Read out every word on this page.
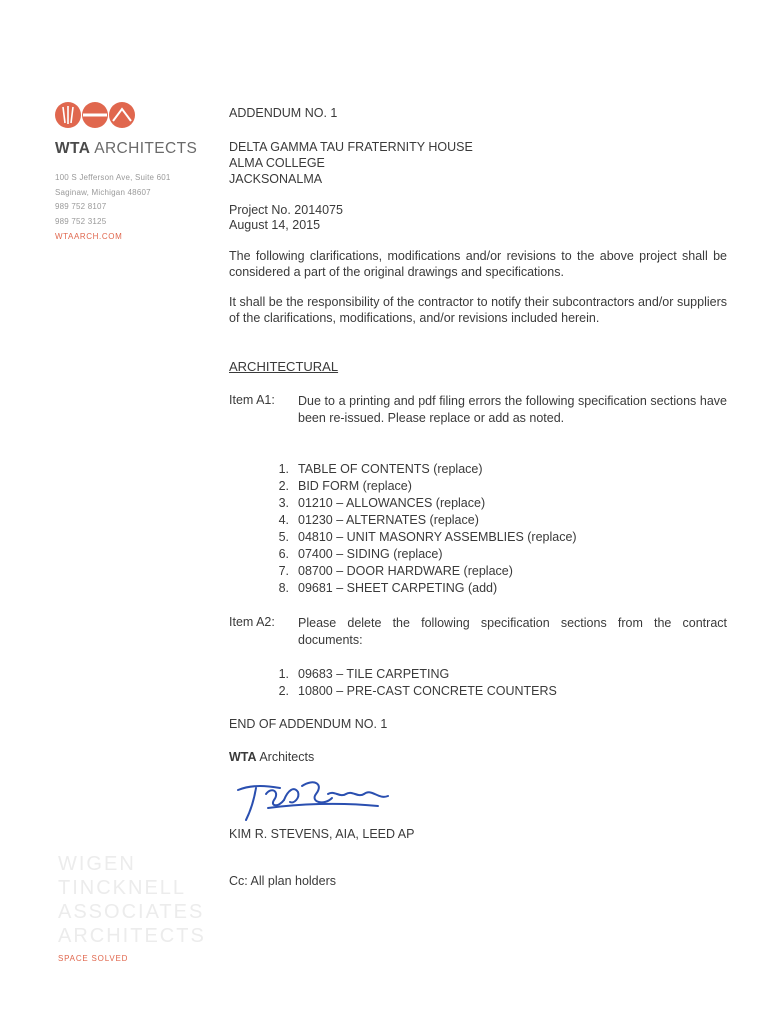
WTA ARCHITECTS
100 S Jefferson Ave, Suite 601
Saginaw, Michigan 48607
989 752 8107
989 752 3125
WTAARCH.COM
WIGEN
TINCKNELL
ASSOCIATES
ARCHITECTS
SPACE SOLVED
ADDENDUM NO. 1
DELTA GAMMA TAU FRATERNITY HOUSE
ALMA COLLEGE
JACKSONALMA
Project No. 2014075
August 14, 2015
The following clarifications, modifications and/or revisions to the above project shall be considered a part of the original drawings and specifications.
It shall be the responsibility of the contractor to notify their subcontractors and/or suppliers of the clarifications, modifications, and/or revisions included herein.
ARCHITECTURAL
Item A1: Due to a printing and pdf filing errors the following specification sections have been re-issued. Please replace or add as noted.
1. TABLE OF CONTENTS (replace)
2. BID FORM (replace)
3. 01210 – ALLOWANCES (replace)
4. 01230 – ALTERNATES (replace)
5. 04810 – UNIT MASONRY ASSEMBLIES (replace)
6. 07400 – SIDING (replace)
7. 08700 – DOOR HARDWARE (replace)
8. 09681 – SHEET CARPETING (add)
Item A2: Please delete the following specification sections from the contract documents:
1. 09683 – TILE CARPETING
2. 10800 – PRE-CAST CONCRETE COUNTERS
END OF ADDENDUM NO. 1
WTA Architects
KIM R. STEVENS, AIA, LEED AP
Cc: All plan holders
